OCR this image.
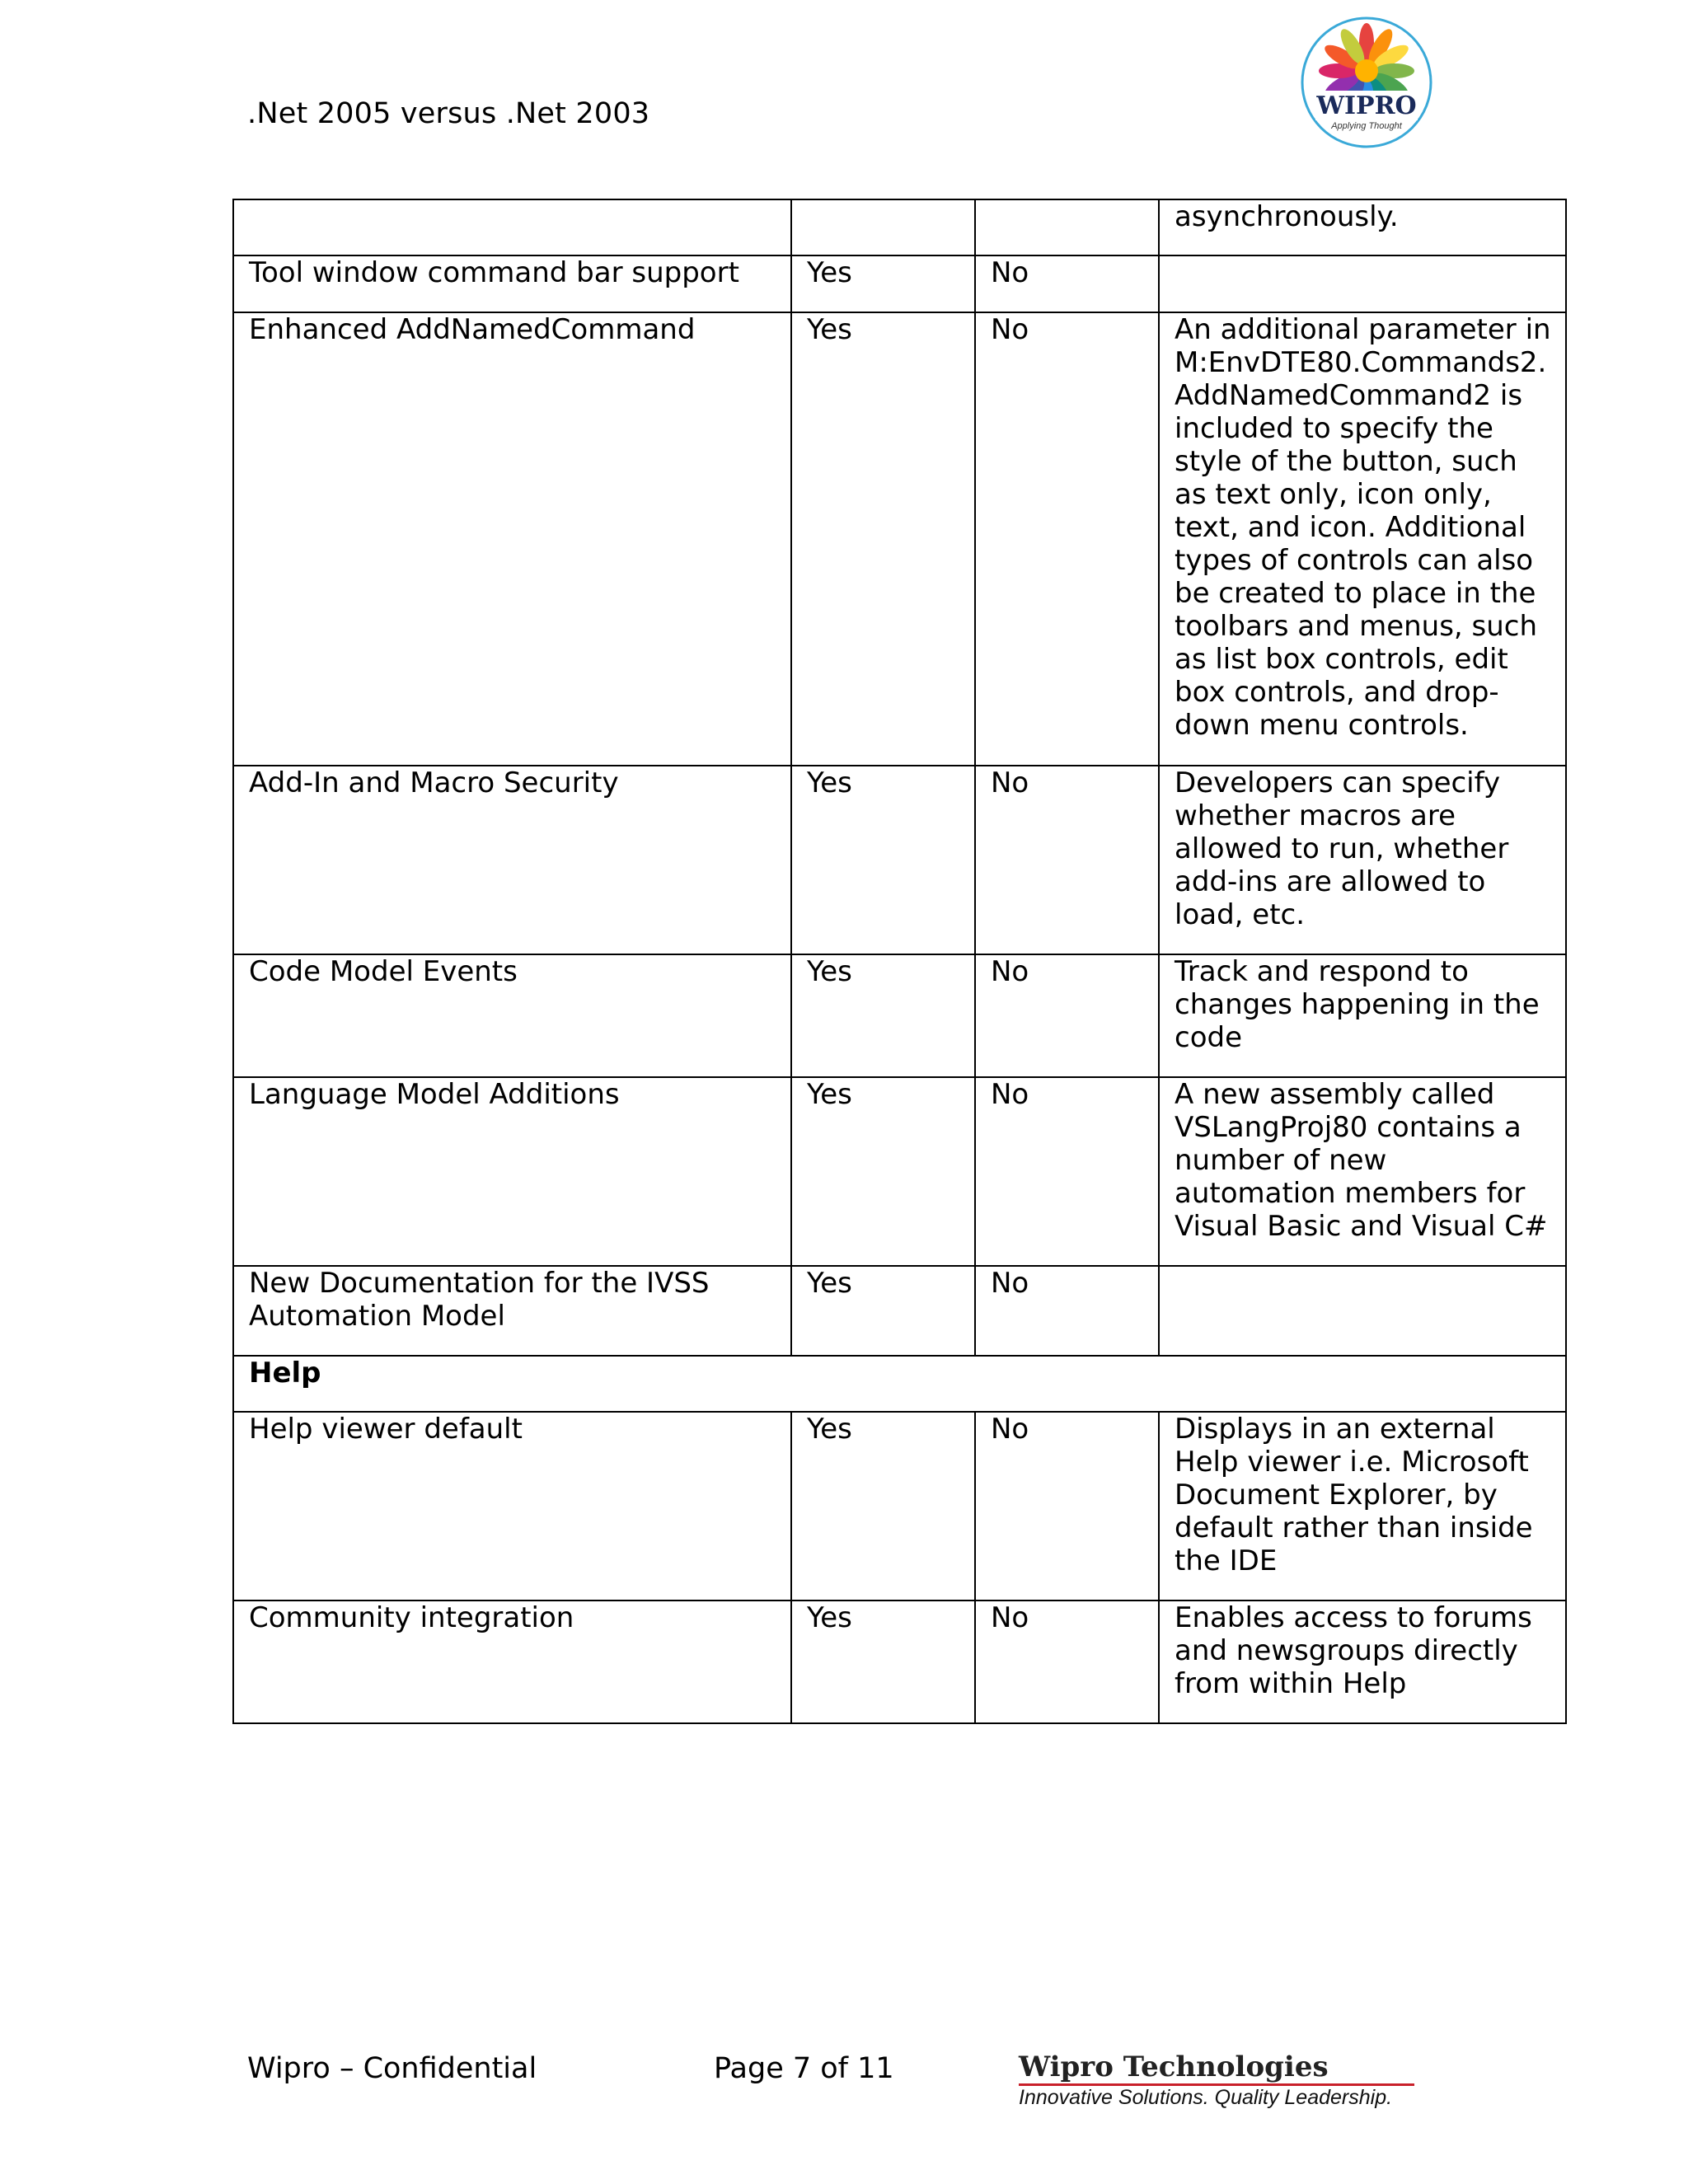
.Net 2005 versus .Net 2003	WIPRO
Applying Thought
			asynchronously.
Tool window command bar support	Yes	No	
Enhanced AddNamedCommand	Yes	No	An additional parameter in M:EnvDTE80.Commands2. AddNamedCommand2 is included to specify the style of the button, such as text only, icon only, text, and icon. Additional types of controls can also be created to place in the toolbars and menus, such as list box controls, edit box controls, and drop-down menu controls.
Add-In and Macro Security	Yes	No	Developers can specify whether macros are allowed to run, whether add-ins are allowed to load, etc.
Code Model Events	Yes	No	Track and respond to changes happening in the code
Language Model Additions	Yes	No	A new assembly called VSLangProj80 contains a number of new automation members for Visual Basic and Visual C#
New Documentation for the IVSS Automation Model	Yes	No	
Help			
Help viewer default	Yes	No	Displays in an external Help viewer i.e. Microsoft Document Explorer, by default rather than inside the IDE
Community integration	Yes	No	Enables access to forums and newsgroups directly from within Help
Wipro – Confidential	Page 7 of 11	Wipro Technologies
Innovative Solutions. Quality Leadership.
